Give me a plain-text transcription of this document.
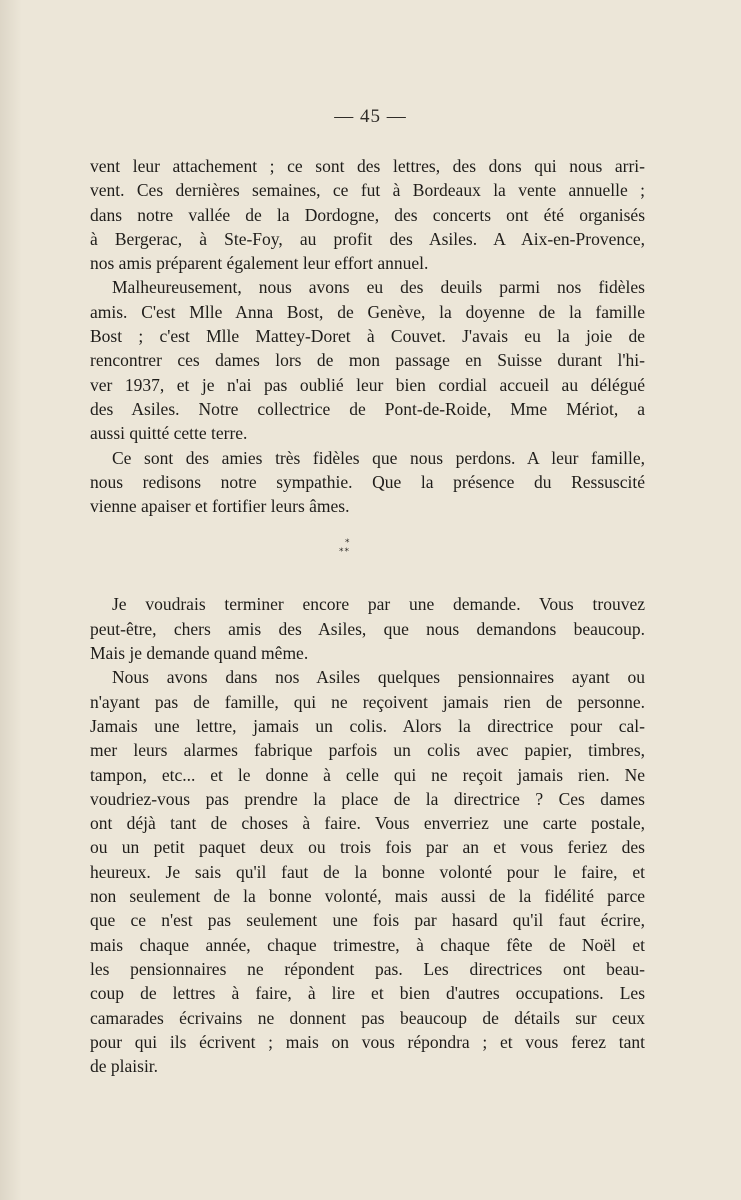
— 45 —
vent leur attachement ; ce sont des lettres, des dons qui nous arri-
vent. Ces dernières semaines, ce fut à Bordeaux la vente annuelle ;
dans notre vallée de la Dordogne, des concerts ont été organisés
à Bergerac, à Ste-Foy, au profit des Asiles. A Aix-en-Provence,
nos amis préparent également leur effort annuel.
Malheureusement, nous avons eu des deuils parmi nos fidèles
amis. C'est Mlle Anna Bost, de Genève, la doyenne de la famille
Bost ; c'est Mlle Mattey-Doret à Couvet. J'avais eu la joie de
rencontrer ces dames lors de mon passage en Suisse durant l'hi-
ver 1937, et je n'ai pas oublié leur bien cordial accueil au délégué
des Asiles. Notre collectrice de Pont-de-Roide, Mme Mériot, a
aussi quitté cette terre.
Ce sont des amies très fidèles que nous perdons. A leur famille,
nous redisons notre sympathie. Que la présence du Ressuscité
vienne apaiser et fortifier leurs âmes.
*
**
Je voudrais terminer encore par une demande. Vous trouvez
peut-être, chers amis des Asiles, que nous demandons beaucoup.
Mais je demande quand même.
Nous avons dans nos Asiles quelques pensionnaires ayant ou
n'ayant pas de famille, qui ne reçoivent jamais rien de personne.
Jamais une lettre, jamais un colis. Alors la directrice pour cal-
mer leurs alarmes fabrique parfois un colis avec papier, timbres,
tampon, etc... et le donne à celle qui ne reçoit jamais rien. Ne
voudriez-vous pas prendre la place de la directrice ? Ces dames
ont déjà tant de choses à faire. Vous enverriez une carte postale,
ou un petit paquet deux ou trois fois par an et vous feriez des
heureux. Je sais qu'il faut de la bonne volonté pour le faire, et
non seulement de la bonne volonté, mais aussi de la fidélité parce
que ce n'est pas seulement une fois par hasard qu'il faut écrire,
mais chaque année, chaque trimestre, à chaque fête de Noël et
les pensionnaires ne répondent pas. Les directrices ont beau-
coup de lettres à faire, à lire et bien d'autres occupations. Les
camarades écrivains ne donnent pas beaucoup de détails sur ceux
pour qui ils écrivent ; mais on vous répondra ; et vous ferez tant
de plaisir.
